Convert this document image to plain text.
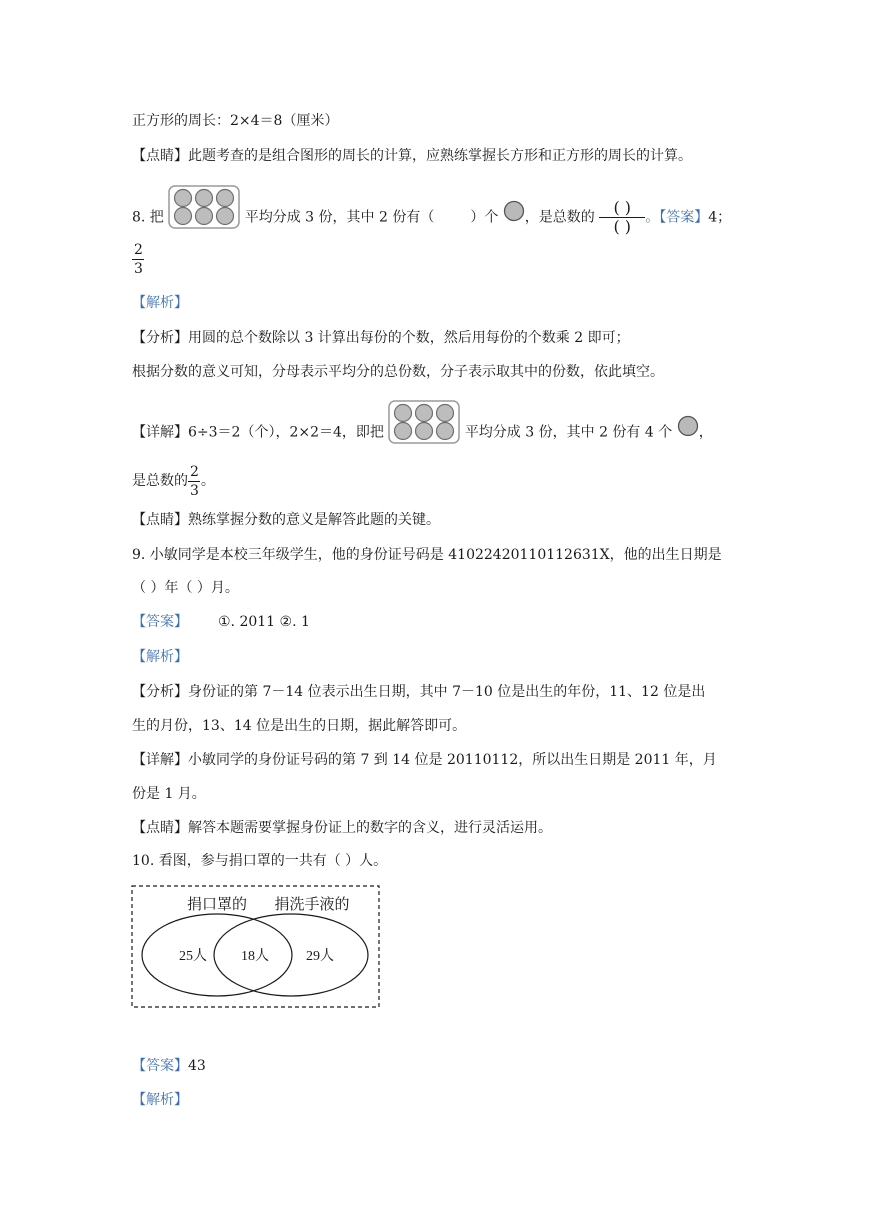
正方形的周长：2×4＝8（厘米）
【点睛】此题考查的是组合图形的周长的计算，应熟练掌握长方形和正方形的周长的计算。
8. 把	平均分成 3 份，其中 2 份有（	）个 ，是总数的 $\frac{( )}{( )}$ 。【答案】4；
$\frac{2}{3}$
【解析】
【分析】用圆的总个数除以 3 计算出每份的个数，然后用每份的个数乘 2 即可；
根据分数的意义可知，分母表示平均分的总份数，分子表示取其中的份数，依此填空。
【详解】6÷3＝2（个），2×2＝4，即把	平均分成 3 份，其中 2 份有 4 个 ，
是总数的 $\frac{2}{3}$ 。
【点睛】熟练掌握分数的意义是解答此题的关键。
9. 小敏同学是本校三年级学生，他的身份证号码是 41022420110112631X，他的出生日期是
（ ）年（ ）月。
【答案】 ①. 2011 ②. 1
【解析】
【分析】身份证的第 7－14 位表示出生日期，其中 7－10 位是出生的年份，11、12 位是出
生的月份，13、14 位是出生的日期，据此解答即可。
【详解】小敏同学的身份证号码的第 7 到 14 位是 20110112，所以出生日期是 2011 年，月
份是 1 月。
【点睛】解答本题需要掌握身份证上的数字的含义，进行灵活运用。
10. 看图，参与捐口罩的一共有（ ）人。
捐口罩的 捐洗手液的
25人 18人	29人
【答案】43
【解析】
